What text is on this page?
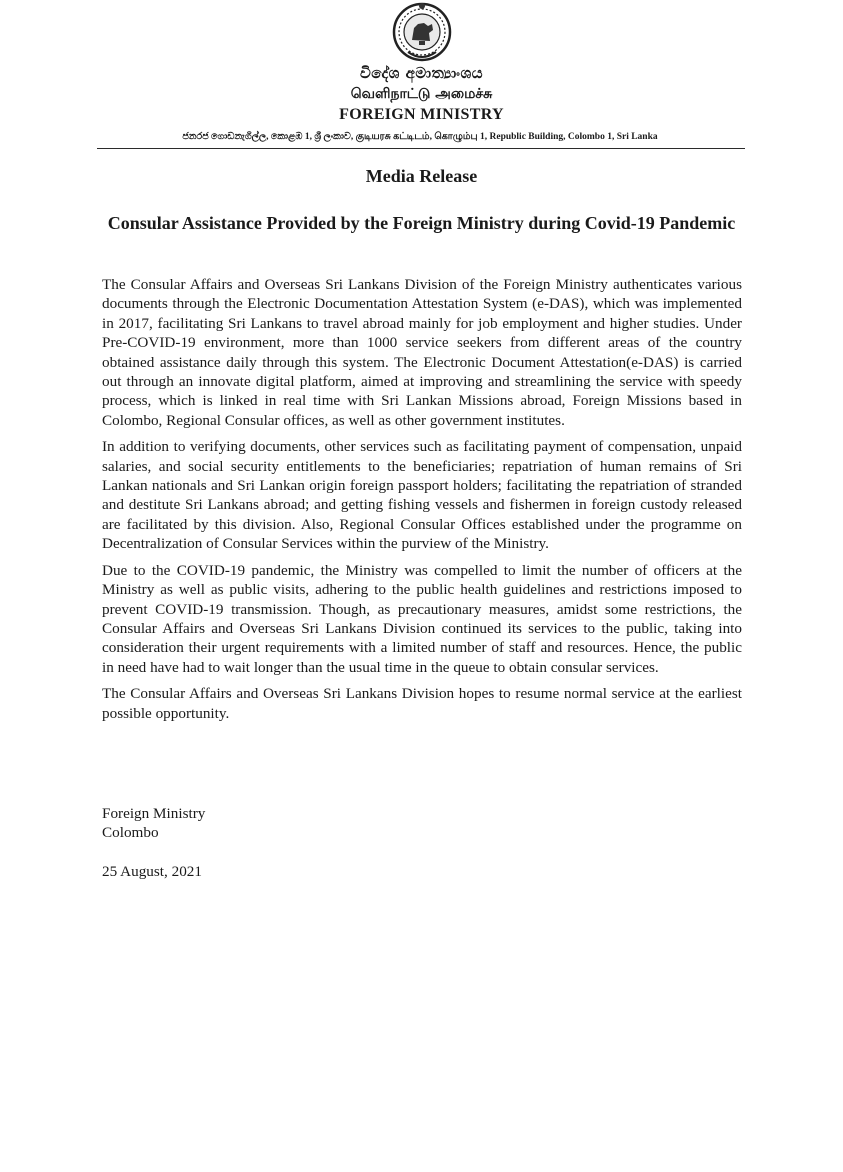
විදේශ අමාත්‍යාංශය
வெளிநாட்டு அமைச்சு
FOREIGN MINISTRY
ජනරජ ගොඩනැගිල්ල, කොළඹ 1, ශ්‍රී ලංකාව, குடியரசு கட்டிடம், கொழும்பு 1, Republic Building, Colombo 1, Sri Lanka
Media Release
Consular Assistance Provided by the Foreign Ministry during Covid-19 Pandemic

The Consular Affairs and Overseas Sri Lankans Division of the Foreign Ministry authenticates various documents through the Electronic Documentation Attestation System (e-DAS), which was implemented in 2017, facilitating Sri Lankans to travel abroad mainly for job employment and higher studies. Under Pre-COVID-19 environment, more than 1000 service seekers from different areas of the country obtained assistance daily through this system. The Electronic Document Attestation(e-DAS) is carried out through an innovate digital platform, aimed at improving and streamlining the service with speedy process, which is linked in real time with Sri Lankan Missions abroad, Foreign Missions based in Colombo, Regional Consular offices, as well as other government institutes.

In addition to verifying documents, other services such as facilitating payment of compensation, unpaid salaries, and social security entitlements to the beneficiaries; repatriation of human remains of Sri Lankan nationals and Sri Lankan origin foreign passport holders; facilitating the repatriation of stranded and destitute Sri Lankans abroad; and getting fishing vessels and fishermen in foreign custody released are facilitated by this division. Also, Regional Consular Offices established under the programme on Decentralization of Consular Services within the purview of the Ministry.

Due to the COVID-19 pandemic, the Ministry was compelled to limit the number of officers at the Ministry as well as public visits, adhering to the public health guidelines and restrictions imposed to prevent COVID-19 transmission. Though, as precautionary measures, amidst some restrictions, the Consular Affairs and Overseas Sri Lankans Division continued its services to the public, taking into consideration their urgent requirements with a limited number of staff and resources. Hence, the public in need have had to wait longer than the usual time in the queue to obtain consular services.

The Consular Affairs and Overseas Sri Lankans Division hopes to resume normal service at the earliest possible opportunity.

Foreign Ministry
Colombo
25 August, 2021
